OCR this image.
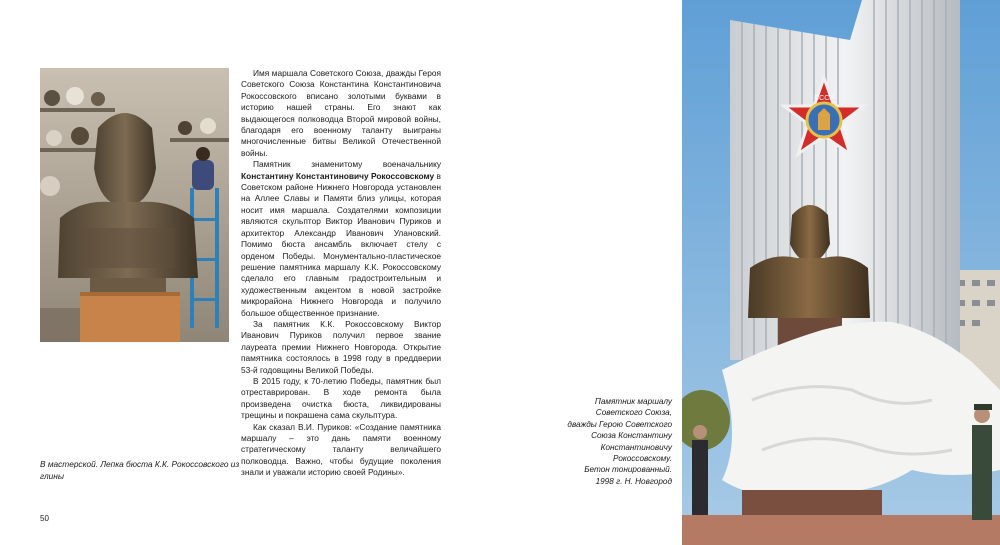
В мастерской. Лепка бюста К.К. Рокоссовского из глины

Имя маршала Советского Союза, дважды Героя Советского Союза Константина Константиновича Рокоссовского вписано золотыми буквами в историю нашей страны. Его знают как выдающегося полководца Второй мировой войны, благодаря его военному таланту выиграны многочисленные битвы Великой Отечественной войны.

Памятник знаменитому военачальнику Константину Константиновичу Рокоссовскому в Советском районе Нижнего Новгорода установлен на Аллее Славы и Памяти близ улицы, которая носит имя маршала. Создателями композиции являются скульптор Виктор Иванович Пуриков и архитектор Александр Иванович Улановский. Помимо бюста ансамбль включает стелу с орденом Победы. Монументально-пластическое решение памятника маршалу К.К. Рокоссовскому сделало его главным градостроительным и художественным акцентом в новой застройке микрорайона Нижнего Новгорода и получило большое общественное признание.

За памятник К.К. Рокоссовскому Виктор Иванович Пуриков получил первое звание лауреата премии Нижнего Новгорода. Открытие памятника состоялось в 1998 году в преддверии 53-й годовщины Великой Победы.

В 2015 году, к 70-летию Победы, памятник был отреставрирован. В ходе ремонта была произведена очистка бюста, ликвидированы трещины и покрашена сама скульптура.

Как сказал В.И. Пуриков: «Создание памятника маршалу – это дань памяти военному стратегическому таланту величайшего полководца. Важно, чтобы будущие поколения знали и уважали историю своей Родины».

50
Памятник маршалу
Советского Союза,
дважды Герою Советского
Союза Константину
Константиновичу
Рокоссовскому.
Бетон тонированный.
1998 г. Н. Новгород
СССР
